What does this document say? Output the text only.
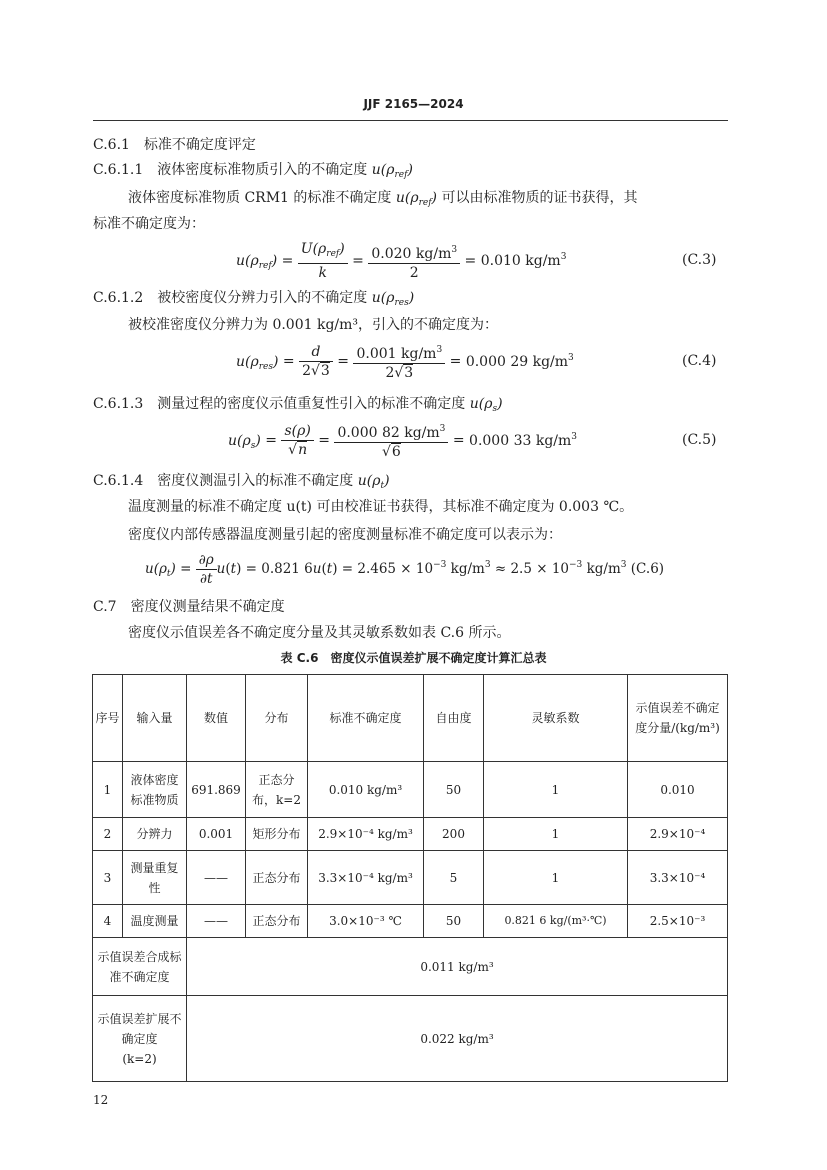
JJF 2165—2024
C.6.1　标准不确定度评定
C.6.1.1　液体密度标准物质引入的不确定度 $u(\rho_{ref})$
液体密度标准物质 CRM1 的标准不确定度 $u(\rho_{ref})$ 可以由标准物质的证书获得，其
标准不确定度为：
$u(\rho_{ref}) = \frac{U(\rho_{ref})}{k} = \frac{0.020 kg/m^3}{2} = 0.010$ $kg/m^3$	(C.3)
C.6.1.2　被校密度仪分辨力引入的不确定度 $u(\rho_{res})$
被校准密度仪分辨力为 0.001 kg/m³，引入的不确定度为：
$u(\rho_{res}) = \frac{d}{2√3} = \frac{0.001 kg/m^3}{2√3} = 0.000$ 29 $kg/m^3$	(C.4)
C.6.1.3　测量过程的密度仪示值重复性引入的标准不确定度 $u(\rho_s)$
$u(\rho_s) = \frac{s(\rho)}{√n} = \frac{0.000 82 kg/m^3}{√6} = 0.000$ 33 $kg/m^3$	(C.5)
C.6.1.4　密度仪测温引入的标准不确定度 $u(\rho_t)$
温度测量的标准不确定度 u(t) 可由校准证书获得，其标准不确定度为 0.003 ℃。
密度仪内部传感器温度测量引起的密度测量标准不确定度可以表示为：
$u(\rho_t) = \frac{\partial\rho}{\partial t} u(t) = 0.821$ $6u(t) = 2.465 \times 10^{-3}$ $kg/m^3 \approx 2.5 \times 10^{-3}$ $kg/m^3$ (C.6)
C.7　密度仪测量结果不确定度
密度仪示值误差各不确定度分量及其灵敏系数如表 C.6 所示。
表 C.6　密度仪示值误差扩展不确定度计算汇总表
序号	输入量	数值	分布	标准不确定度	自由度	灵敏系数	示值误差不确定度分量/(kg/m³)
1	液体密度标准物质	691.869	正态分布，k=2	0.010 kg/m³	50	1	0.010
2	分辨力	0.001	矩形分布	2.9×10⁻⁴ kg/m³	200	1	2.9×10⁻⁴
3	测量重复性	——	正态分布	3.3×10⁻⁴ kg/m³	5	1	3.3×10⁻⁴
4	温度测量	——	正态分布	3.0×10⁻³ ℃	50	0.821 6 kg/(m³·℃)	2.5×10⁻³
示值误差合成标准不确定度		0.011 kg/m³					

示值误差扩展不确定度
(k=2)		0.022 kg/m³					
12
